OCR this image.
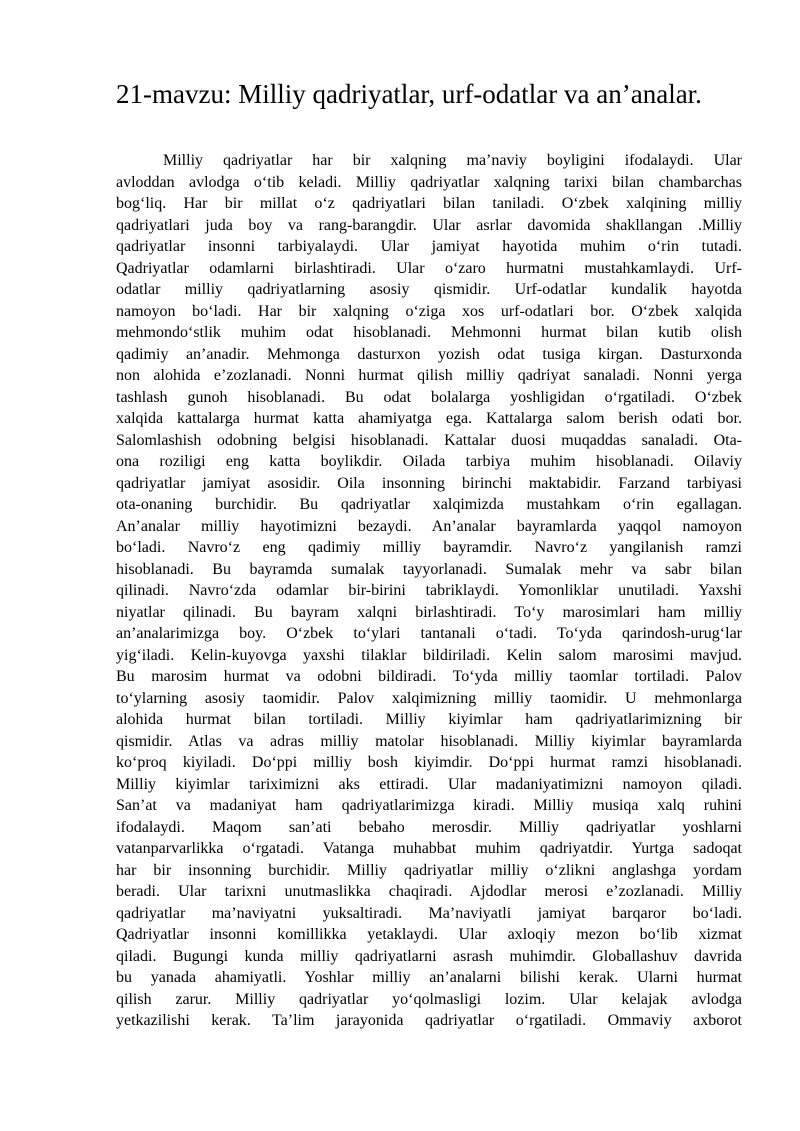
21-mavzu: Milliy qadriyatlar, urf-odatlar va an’analar.
Milliy qadriyatlar har bir xalqning ma’naviy boyligini ifodalaydi. Ular
avloddan avlodga o‘tib keladi. Milliy qadriyatlar xalqning tarixi bilan chambarchas
bog‘liq. Har bir millat o‘z qadriyatlari bilan taniladi. O‘zbek xalqining milliy
qadriyatlari juda boy va rang-barangdir. Ular asrlar davomida shakllangan .Milliy
qadriyatlar insonni tarbiyalaydi. Ular jamiyat hayotida muhim o‘rin tutadi.
Qadriyatlar odamlarni birlashtiradi. Ular o‘zaro hurmatni mustahkamlaydi. Urf-
odatlar milliy qadriyatlarning asosiy qismidir. Urf-odatlar kundalik hayotda
namoyon bo‘ladi. Har bir xalqning o‘ziga xos urf-odatlari bor. O‘zbek xalqida
mehmondo‘stlik muhim odat hisoblanadi. Mehmonni hurmat bilan kutib olish
qadimiy an’anadir. Mehmonga dasturxon yozish odat tusiga kirgan. Dasturxonda
non alohida e’zozlanadi. Nonni hurmat qilish milliy qadriyat sanaladi. Nonni yerga
tashlash gunoh hisoblanadi. Bu odat bolalarga yoshligidan o‘rgatiladi. O‘zbek
xalqida kattalarga hurmat katta ahamiyatga ega. Kattalarga salom berish odati bor.
Salomlashish odobning belgisi hisoblanadi. Kattalar duosi muqaddas sanaladi. Ota-
ona roziligi eng katta boylikdir. Oilada tarbiya muhim hisoblanadi. Oilaviy
qadriyatlar jamiyat asosidir. Oila insonning birinchi maktabidir. Farzand tarbiyasi
ota-onaning burchidir. Bu qadriyatlar xalqimizda mustahkam o‘rin egallagan.
An’analar milliy hayotimizni bezaydi. An’analar bayramlarda yaqqol namoyon
bo‘ladi. Navro‘z eng qadimiy milliy bayramdir. Navro‘z yangilanish ramzi
hisoblanadi. Bu bayramda sumalak tayyorlanadi. Sumalak mehr va sabr bilan
qilinadi. Navro‘zda odamlar bir-birini tabriklaydi. Yomonliklar unutiladi. Yaxshi
niyatlar qilinadi. Bu bayram xalqni birlashtiradi. To‘y marosimlari ham milliy
an’analarimizga boy. O‘zbek to‘ylari tantanali o‘tadi. To‘yda qarindosh-urug‘lar
yig‘iladi. Kelin-kuyovga yaxshi tilaklar bildiriladi. Kelin salom marosimi mavjud.
Bu marosim hurmat va odobni bildiradi. To‘yda milliy taomlar tortiladi. Palov
to‘ylarning asosiy taomidir. Palov xalqimizning milliy taomidir. U mehmonlarga
alohida hurmat bilan tortiladi. Milliy kiyimlar ham qadriyatlarimizning bir
qismidir. Atlas va adras milliy matolar hisoblanadi. Milliy kiyimlar bayramlarda
ko‘proq kiyiladi. Do‘ppi milliy bosh kiyimdir. Do‘ppi hurmat ramzi hisoblanadi.
Milliy kiyimlar tariximizni aks ettiradi. Ular madaniyatimizni namoyon qiladi.
San’at va madaniyat ham qadriyatlarimizga kiradi. Milliy musiqa xalq ruhini
ifodalaydi. Maqom san’ati bebaho merosdir. Milliy qadriyatlar yoshlarni
vatanparvarlikka o‘rgatadi. Vatanga muhabbat muhim qadriyatdir. Yurtga sadoqat
har bir insonning burchidir. Milliy qadriyatlar milliy o‘zlikni anglashga yordam
beradi. Ular tarixni unutmaslikka chaqiradi. Ajdodlar merosi e’zozlanadi. Milliy
qadriyatlar ma’naviyatni yuksaltiradi. Ma’naviyatli jamiyat barqaror bo‘ladi.
Qadriyatlar insonni komillikka yetaklaydi. Ular axloqiy mezon bo‘lib xizmat
qiladi. Bugungi kunda milliy qadriyatlarni asrash muhimdir. Globallashuv davrida
bu yanada ahamiyatli. Yoshlar milliy an’analarni bilishi kerak. Ularni hurmat
qilish zarur. Milliy qadriyatlar yo‘qolmasligi lozim. Ular kelajak avlodga
yetkazilishi kerak. Ta’lim jarayonida qadriyatlar o‘rgatiladi. Ommaviy axborot
